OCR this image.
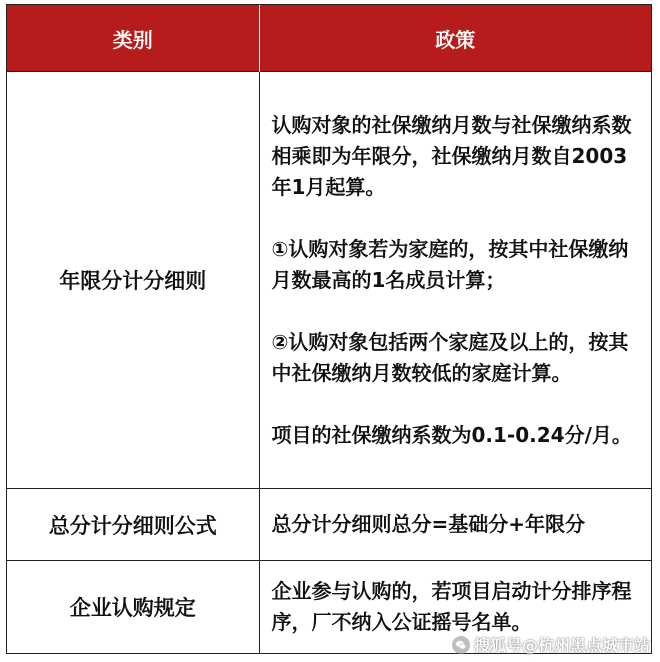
类别	政策
年限分计分细则	认购对象的社保缴纳月数与社保缴纳系数相乘即为年限分，社保缴纳月数自2003年1月起算。

①认购对象若为家庭的，按其中社保缴纳月数最高的1名成员计算；

②认购对象包括两个家庭及以上的，按其中社保缴纳月数较低的家庭计算。

项目的社保缴纳系数为0.1-0.24分/月。

总分计分细则公式	总分计分细则总分=基础分+年限分

企业认购规定	企业参与认购的，若项目启动计分排序程序，厂不纳入公证摇号名单。

搜狐号@杭州黑点城市站
